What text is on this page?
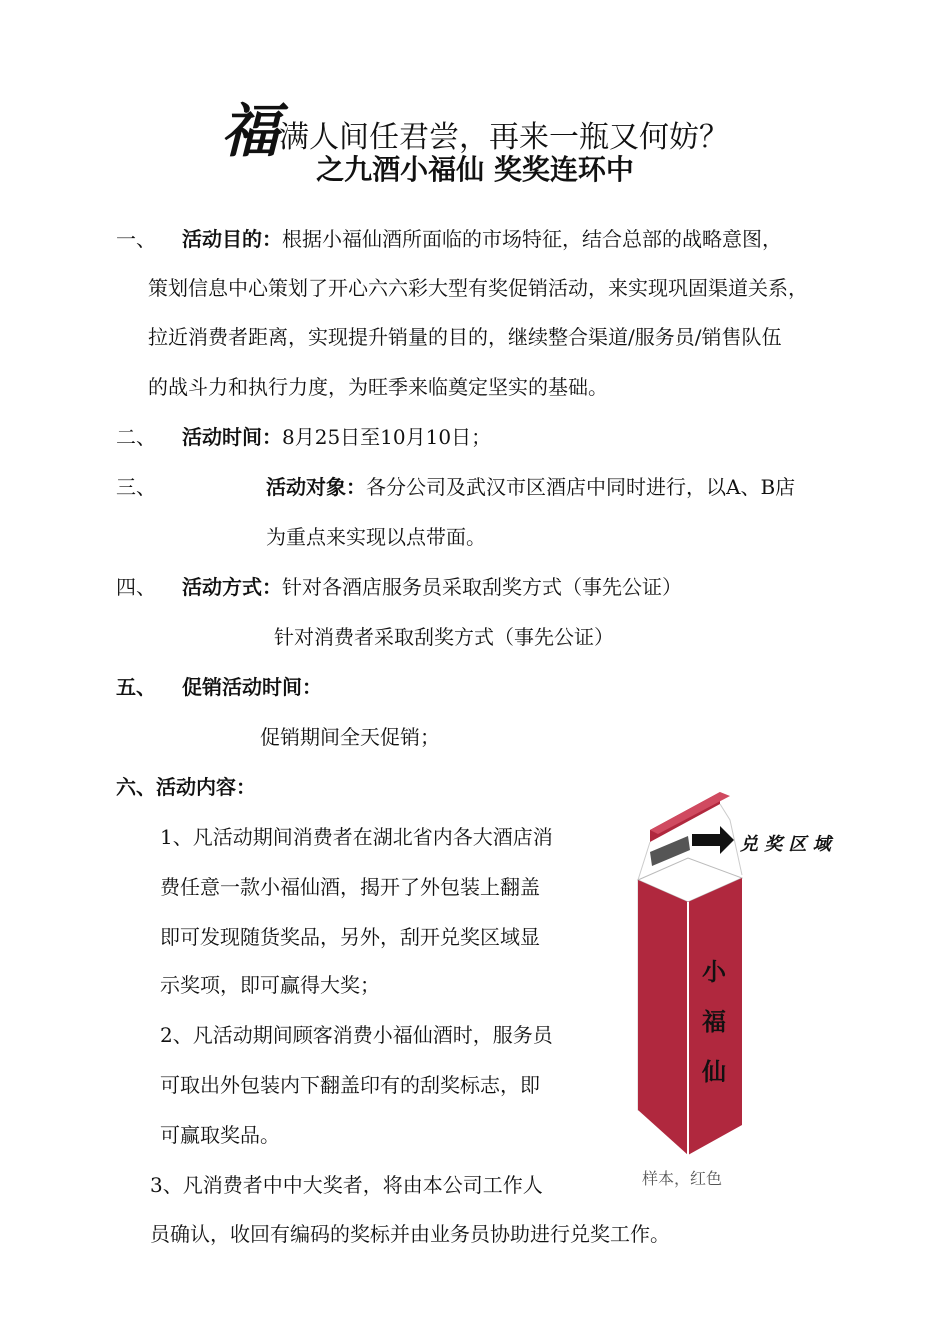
福满人间任君尝，再来一瓶又何妨？
之九酒小福仙 奖奖连环中
一、 活动目的：根据小福仙酒所面临的市场特征，结合总部的战略意图，
策划信息中心策划了开心六六彩大型有奖促销活动，来实现巩固渠道关系，
拉近消费者距离，实现提升销量的目的，继续整合渠道/服务员/销售队伍
的战斗力和执行力度，为旺季来临奠定坚实的基础。
二、 活动时间：8月25日至10月10日；
三、	活动对象：各分公司及武汉市区酒店中同时进行，以A、B店
为重点来实现以点带面。
四、 活动方式：针对各酒店服务员采取刮奖方式（事先公证）
针对消费者采取刮奖方式（事先公证）
五、 促销活动时间：
促销期间全天促销；
六、活动内容：
1、凡活动期间消费者在湖北省内各大酒店消
费任意一款小福仙酒，揭开了外包装上翻盖
即可发现随货奖品，另外，刮开兑奖区域显
示奖项，即可赢得大奖；
2、凡活动期间顾客消费小福仙酒时，服务员
可取出外包装内下翻盖印有的刮奖标志，即
可赢取奖品。
3、凡消费者中中大奖者，将由本公司工作人
员确认，收回有编码的奖标并由业务员协助进行兑奖工作。
兑 奖 区 域
小
福
仙
样本，红色
